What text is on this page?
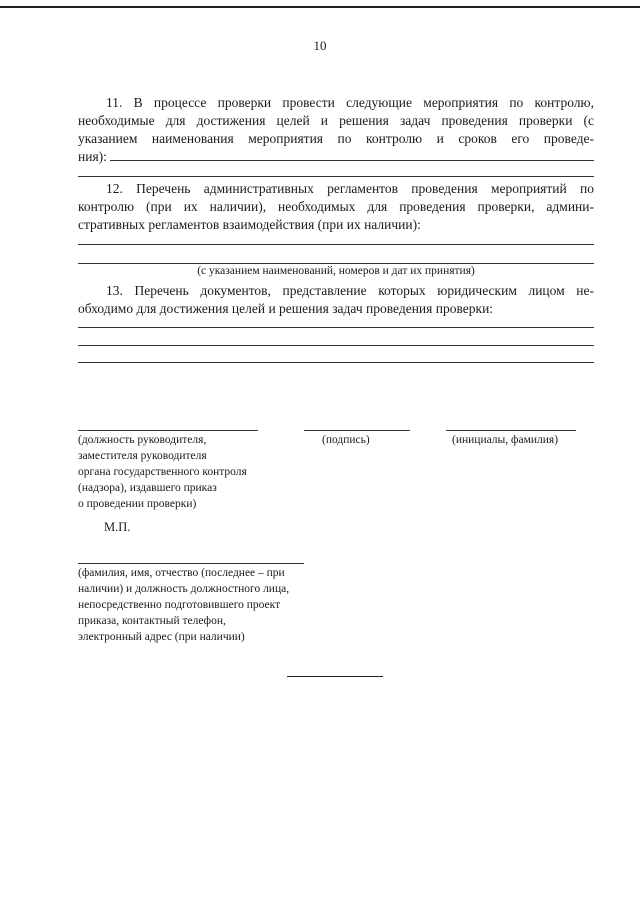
10
11. В процессе проверки провести следующие мероприятия по контролю,
необходимые для достижения целей и решения задач проведения проверки (с
указанием наименования мероприятия по контролю и сроков его проведе-
ния):
12. Перечень административных регламентов проведения мероприятий по
контролю (при их наличии), необходимых для проведения проверки, админи-
стративных регламентов взаимодействия (при их наличии):
(с указанием наименований, номеров и дат их принятия)
13. Перечень документов, представление которых юридическим лицом не-
обходимо для достижения целей и решения задач проведения проверки:
(должность руководителя,
заместителя руководителя
органа государственного контроля
(надзора), издавшего приказ
о проведении проверки)
(подпись)	(инициалы, фамилия)
М.П.
(фамилия, имя, отчество (последнее – при
наличии) и должность должностного лица,
непосредственно подготовившего проект
приказа, контактный телефон,
электронный адрес (при наличии)
